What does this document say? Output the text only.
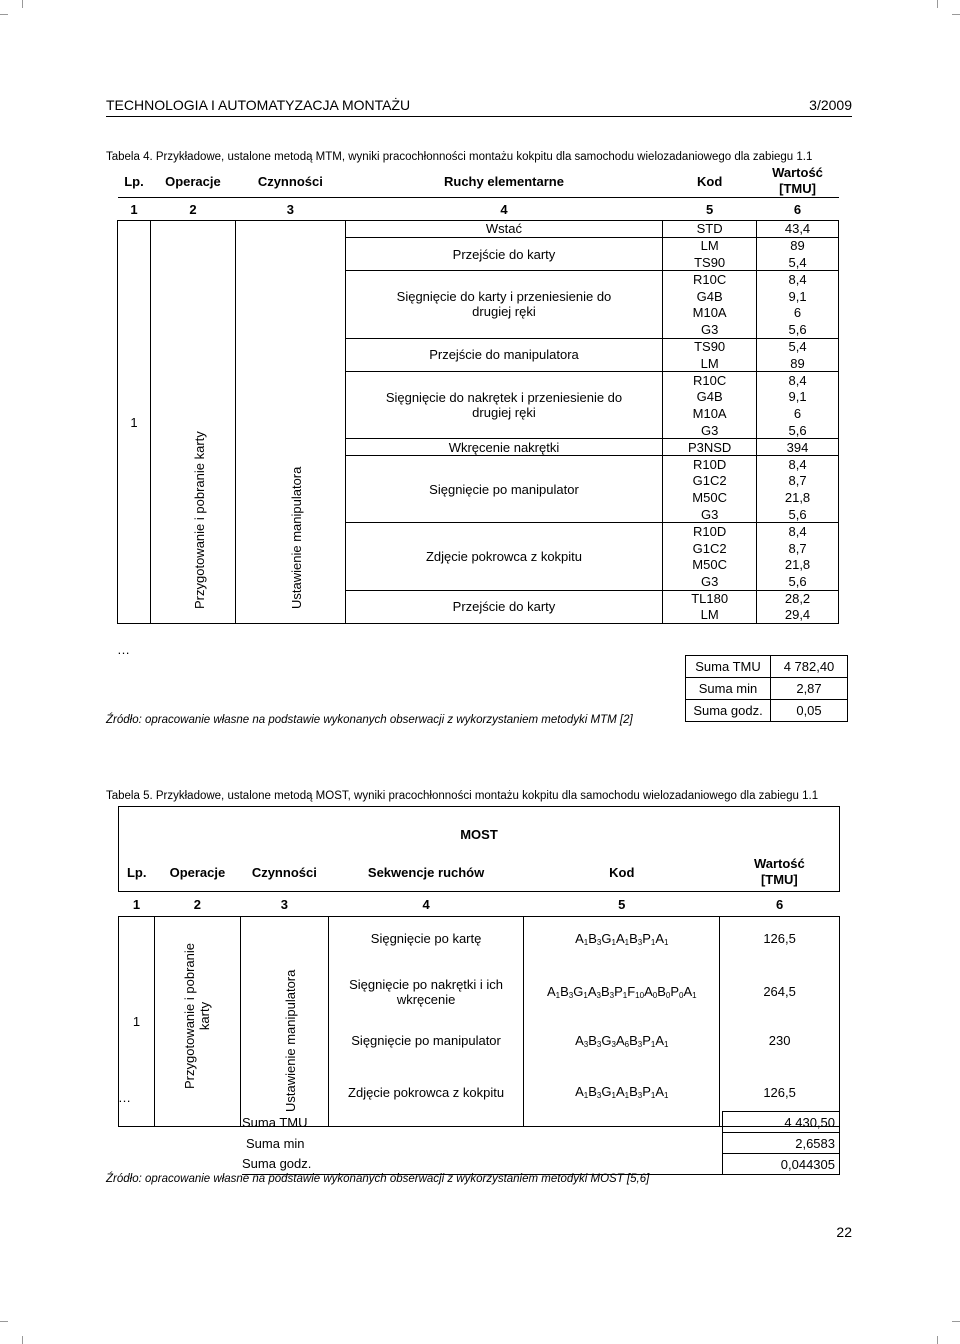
TECHNOLOGIA I AUTOMATYZACJA MONTAŻU	3/2009
Tabela 4. Przykładowe, ustalone metodą MTM, wyniki pracochłonności montażu kokpitu dla samochodu wielozadaniowego dla zabiegu 1.1
Lp.	Operacje	Czynności	Ruchy elementarne	Kod	Wartość
[TMU]
1	2	3	4	5	6
1	Przygotowanie i pobranie karty	Ustawienie manipulatora	Wstać	STD	43,4
			Przejście do karty	LM	89
				TS90	5,4
			Sięgnięcie do karty i przeniesienie do drugiej ręki	R10C	8,4
				G4B	9,1
				M10A	6
				G3	5,6
			Przejście do manipulatora	TS90	5,4
				LM	89
			Sięgnięcie do nakrętek i przeniesienie do drugiej ręki	R10C	8,4
				G4B	9,1
				M10A	6
				G3	5,6
			Wkręcenie nakrętki	P3NSD	394
			Sięgnięcie po manipulator	R10D	8,4
				G1C2	8,7
				M50C	21,8
				G3	5,6
			Zdjęcie pokrowca z kokpitu	R10D	8,4
				G1C2	8,7
				M50C	21,8
				G3	5,6
			Przejście do karty	TL180	28,2
				LM	29,4
…
Suma TMU	4 782,40
Suma min	2,87
Suma godz.	0,05
Źródło: opracowanie własne na podstawie wykonanych obserwacji z wykorzystaniem metodyki MTM [2]
Tabela 5. Przykładowe, ustalone metodą MOST, wyniki pracochłonności montażu kokpitu dla samochodu wielozadaniowego dla zabiegu 1.1
MOST					
Lp.	Operacje	Czynności	Sekwencje ruchów	Kod	Wartość
[TMU]
1	2	3	4	5	6
1	Przygotowanie i pobranie karty	Ustawienie manipulatora	Sięgnięcie po kartę	$A_1B_3G_1A_1B_3P_1A_1$	126,5
			Sięgnięcie po nakrętki i ich wkręcenie	$A_1B_3G_1A_3B_3P_1F_{10}A_0B_0P_0A_1$	264,5
			Sięgnięcie po manipulator	$A_3B_3G_3A_6B_3P_1A_1$	230
			Zdjęcie pokrowca z kokpitu	$A_1B_3G_1A_1B_3P_1A_1$	126,5
…
	Suma TMU	4 430,50
	Suma min	2,6583
	Suma godz.	0,044305
Źródło: opracowanie własne na podstawie wykonanych obserwacji z wykorzystaniem metodyki MOST [5,6]
22
